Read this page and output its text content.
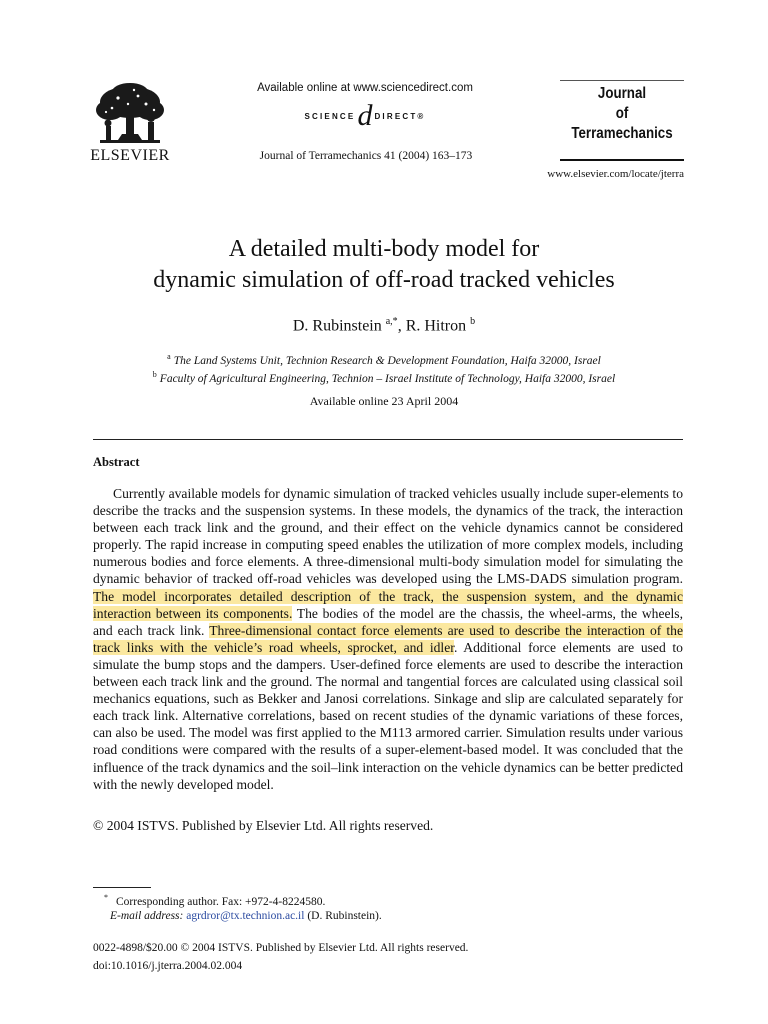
ELSEVIER
Available online at www.sciencedirect.com
SCIENCE d DIRECT®
Journal of Terramechanics 41 (2004) 163–173
Journal
of
Terramechanics
www.elsevier.com/locate/jterra
A detailed multi-body model for
dynamic simulation of off-road tracked vehicles
D. Rubinstein $^{a,*}$, R. Hitron $^b$
$^a$ The Land Systems Unit, Technion Research & Development Foundation, Haifa 32000, Israel
$^b$ Faculty of Agricultural Engineering, Technion – Israel Institute of Technology, Haifa 32000, Israel
Available online 23 April 2004
Abstract
Currently available models for dynamic simulation of tracked vehicles usually include super-elements to describe the tracks and the suspension systems. In these models, the dynamics of the track, the interaction between each track link and the ground, and their effect on the vehicle dynamics cannot be considered properly. The rapid increase in computing speed enables the utilization of more complex models, including numerous bodies and force elements. A three-dimensional multi-body simulation model for simulating the dynamic behavior of tracked off-road vehicles was developed using the LMS-DADS simulation program. The model incorporates detailed description of the track, the suspension system, and the dynamic interaction between its components. The bodies of the model are the chassis, the wheel-arms, the wheels, and each track link. Three-dimensional contact force elements are used to describe the interaction of the track links with the vehicle’s road wheels, sprocket, and idler. Additional force elements are used to simulate the bump stops and the dampers. User-defined force elements are used to describe the interaction between each track link and the ground. The normal and tangential forces are calculated using classical soil mechanics equations, such as Bekker and Janosi correlations. Sinkage and slip are calculated separately for each track link. Alternative correlations, based on recent studies of the dynamic variations of these forces, can also be used. The model was first applied to the M113 armored carrier. Simulation results under various road conditions were compared with the results of a super-element-based model. It was concluded that the influence of the track dynamics and the soil–link interaction on the vehicle dynamics can be better predicted with the newly developed model.
© 2004 ISTVS. Published by Elsevier Ltd. All rights reserved.
* Corresponding author. Fax: +972-4-8224580.
E-mail address: agrdror@tx.technion.ac.il (D. Rubinstein).
0022-4898/$20.00 © 2004 ISTVS. Published by Elsevier Ltd. All rights reserved.
doi:10.1016/j.jterra.2004.02.004
